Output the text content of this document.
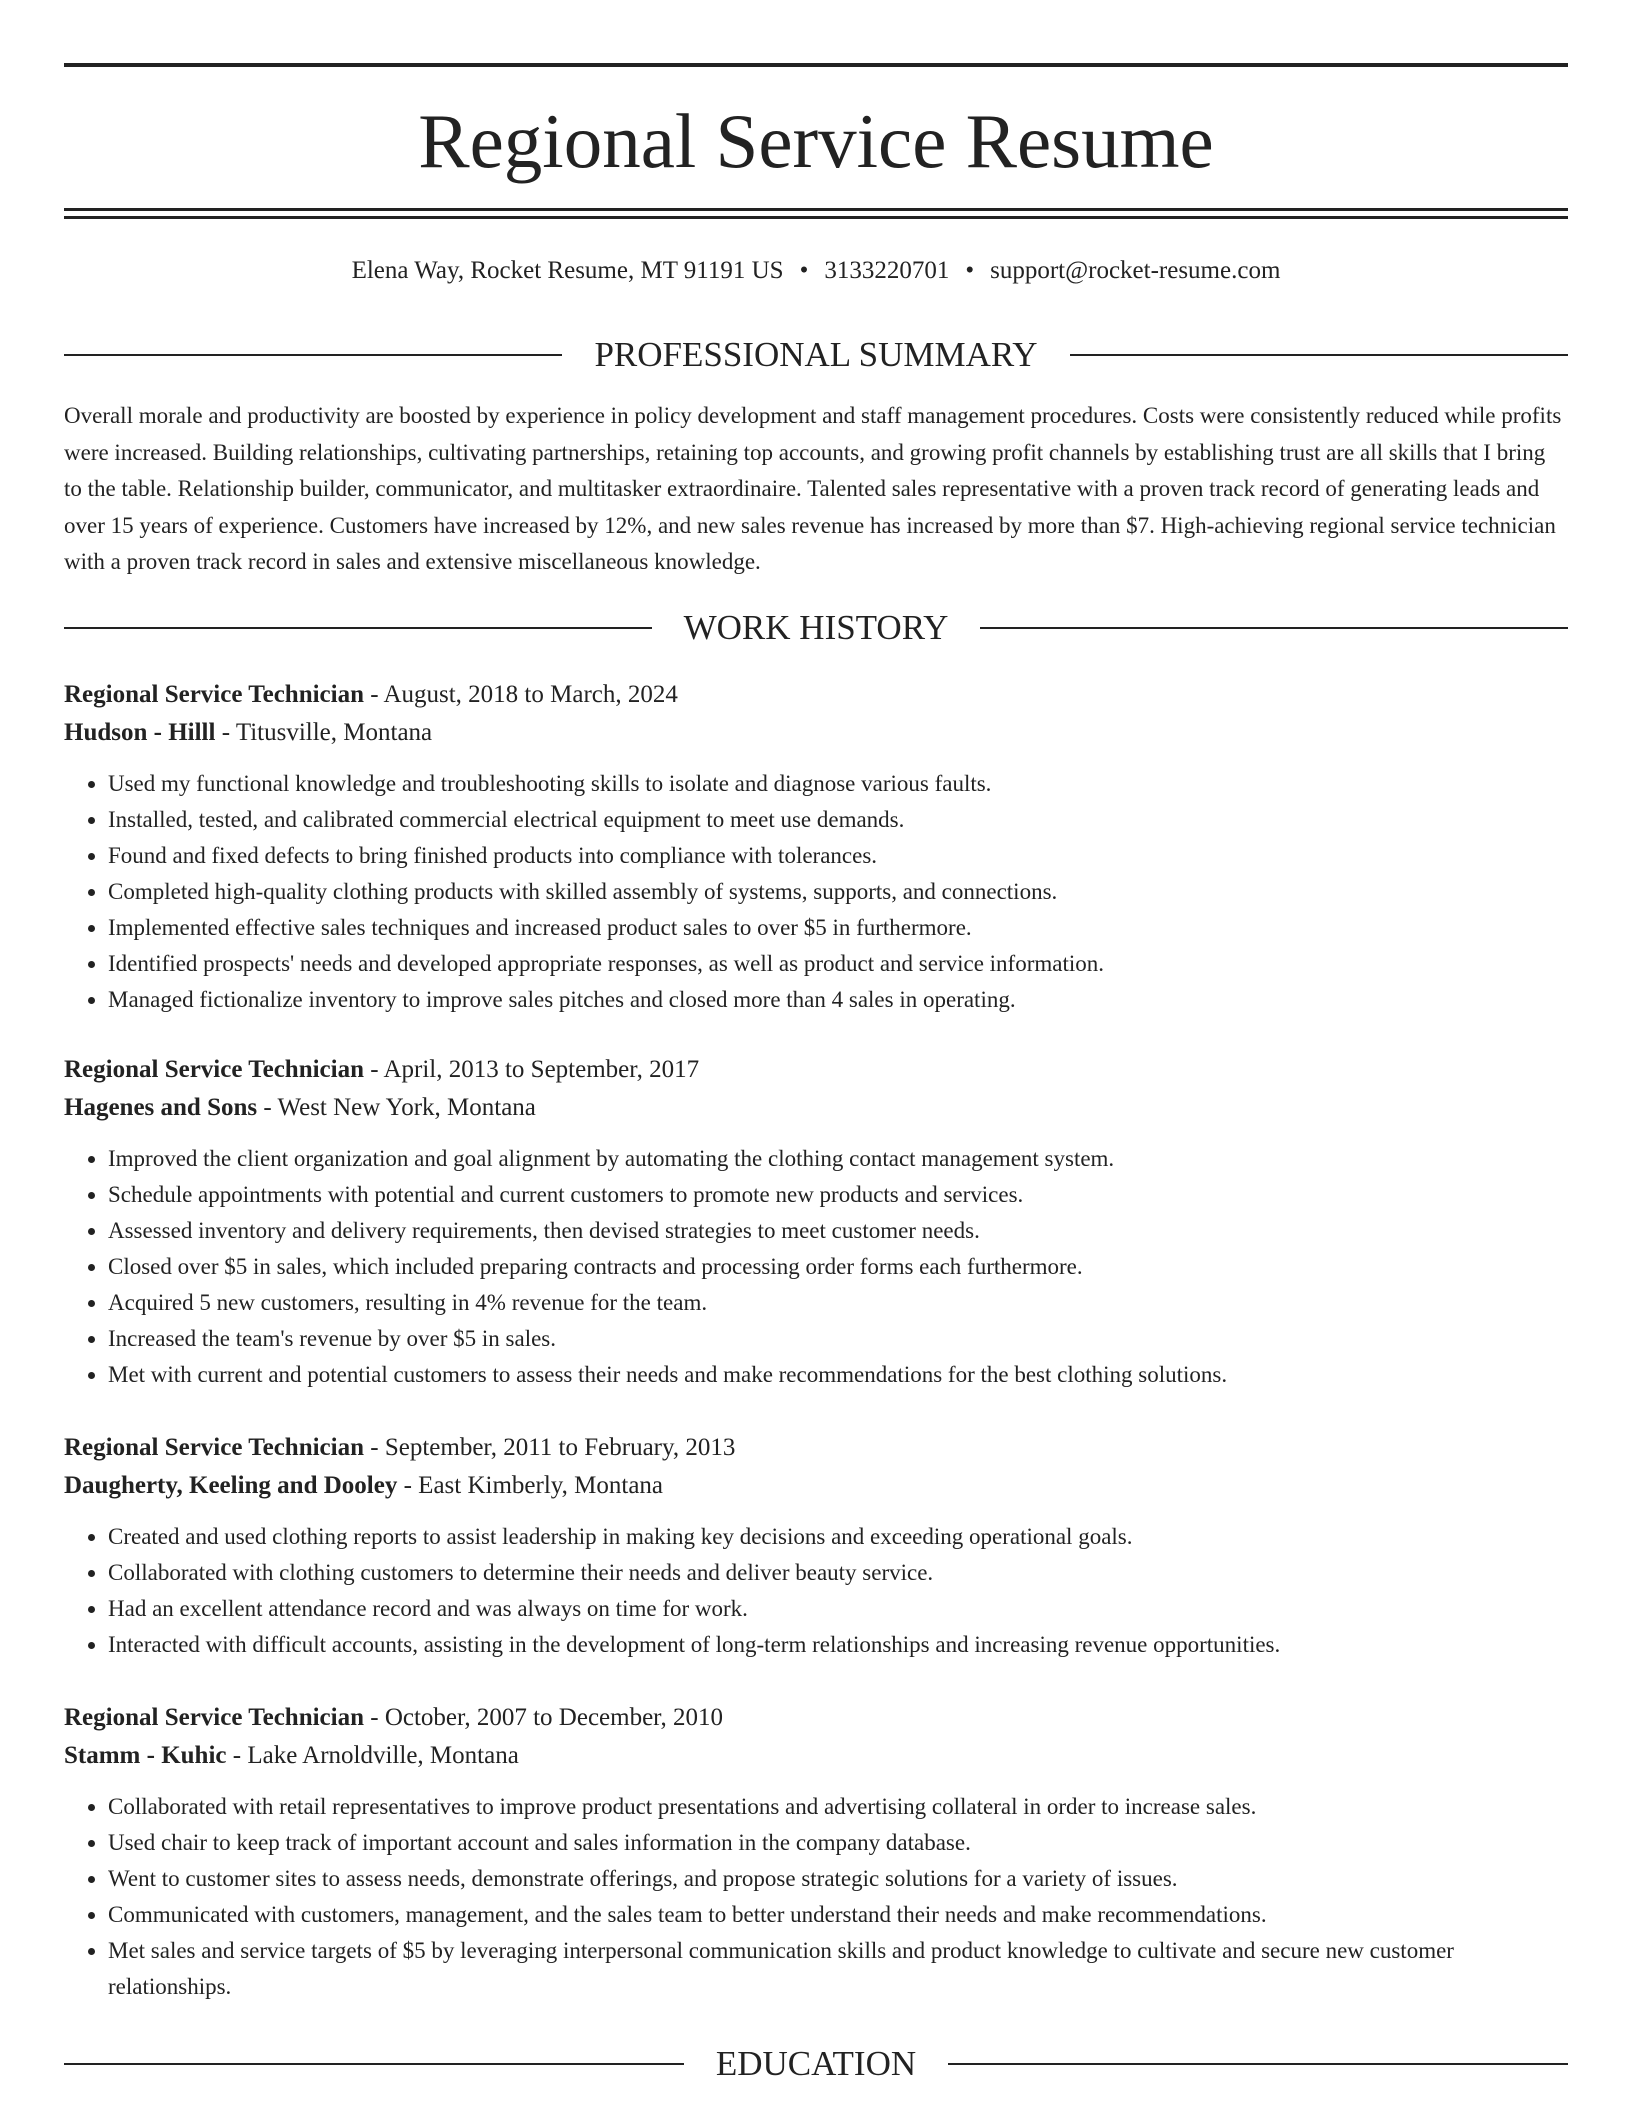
Regional Service Resume
Elena Way, Rocket Resume, MT 91191 US • 3133220701 • support@rocket-resume.com
PROFESSIONAL SUMMARY

Overall morale and productivity are boosted by experience in policy development and staff management procedures. Costs were consistently reduced while profits were increased. Building relationships, cultivating partnerships, retaining top accounts, and growing profit channels by establishing trust are all skills that I bring to the table. Relationship builder, communicator, and multitasker extraordinaire. Talented sales representative with a proven track record of generating leads and over 15 years of experience. Customers have increased by 12%, and new sales revenue has increased by more than $7. High-achieving regional service technician with a proven track record in sales and extensive miscellaneous knowledge.

WORK HISTORY
Regional Service Technician - August, 2018 to March, 2024
Hudson - Hilll - Titusville, Montana
• Used my functional knowledge and troubleshooting skills to isolate and diagnose various faults.
• Installed, tested, and calibrated commercial electrical equipment to meet use demands.
• Found and fixed defects to bring finished products into compliance with tolerances.
• Completed high-quality clothing products with skilled assembly of systems, supports, and connections.
• Implemented effective sales techniques and increased product sales to over $5 in furthermore.
• Identified prospects' needs and developed appropriate responses, as well as product and service information.
• Managed fictionalize inventory to improve sales pitches and closed more than 4 sales in operating.
Regional Service Technician - April, 2013 to September, 2017
Hagenes and Sons - West New York, Montana
• Improved the client organization and goal alignment by automating the clothing contact management system.
• Schedule appointments with potential and current customers to promote new products and services.
• Assessed inventory and delivery requirements, then devised strategies to meet customer needs.
• Closed over $5 in sales, which included preparing contracts and processing order forms each furthermore.
• Acquired 5 new customers, resulting in 4% revenue for the team.
• Increased the team's revenue by over $5 in sales.
• Met with current and potential customers to assess their needs and make recommendations for the best clothing solutions.
Regional Service Technician - September, 2011 to February, 2013
Daugherty, Keeling and Dooley - East Kimberly, Montana
• Created and used clothing reports to assist leadership in making key decisions and exceeding operational goals.
• Collaborated with clothing customers to determine their needs and deliver beauty service.
• Had an excellent attendance record and was always on time for work.
• Interacted with difficult accounts, assisting in the development of long-term relationships and increasing revenue opportunities.
Regional Service Technician - October, 2007 to December, 2010
Stamm - Kuhic - Lake Arnoldville, Montana
• Collaborated with retail representatives to improve product presentations and advertising collateral in order to increase sales.
• Used chair to keep track of important account and sales information in the company database.
• Went to customer sites to assess needs, demonstrate offerings, and propose strategic solutions for a variety of issues.
• Communicated with customers, management, and the sales team to better understand their needs and make recommendations.
• Met sales and service targets of $5 by leveraging interpersonal communication skills and product knowledge to cultivate and secure new customer relationships.
EDUCATION
